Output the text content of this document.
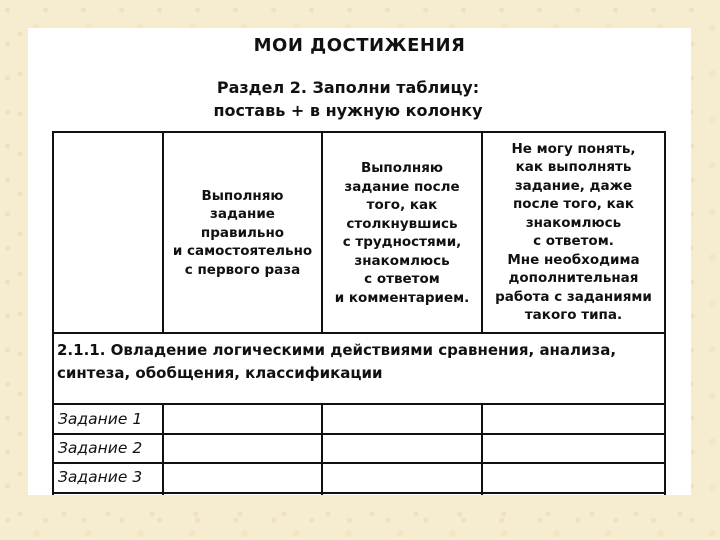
МОИ ДОСТИЖЕНИЯ
Раздел 2. Заполни таблицу:
поставь + в нужную колонку
Выполняю
задание
правильно
и самостоятельно
с первого раза
Выполняю
задание после
того, как
столкнувшись
с трудностями,
знакомлюсь
с ответом
и комментарием.
Не могу понять,
как выполнять
задание, даже
после того, как
знакомлюсь
с ответом.
Мне необходима
дополнительная
работа с заданиями
такого типа.
2.1.1. Овладение логическими действиями сравнения, анализа,
синтеза, обобщения, классификации
Задание 1
Задание 2
Задание 3
